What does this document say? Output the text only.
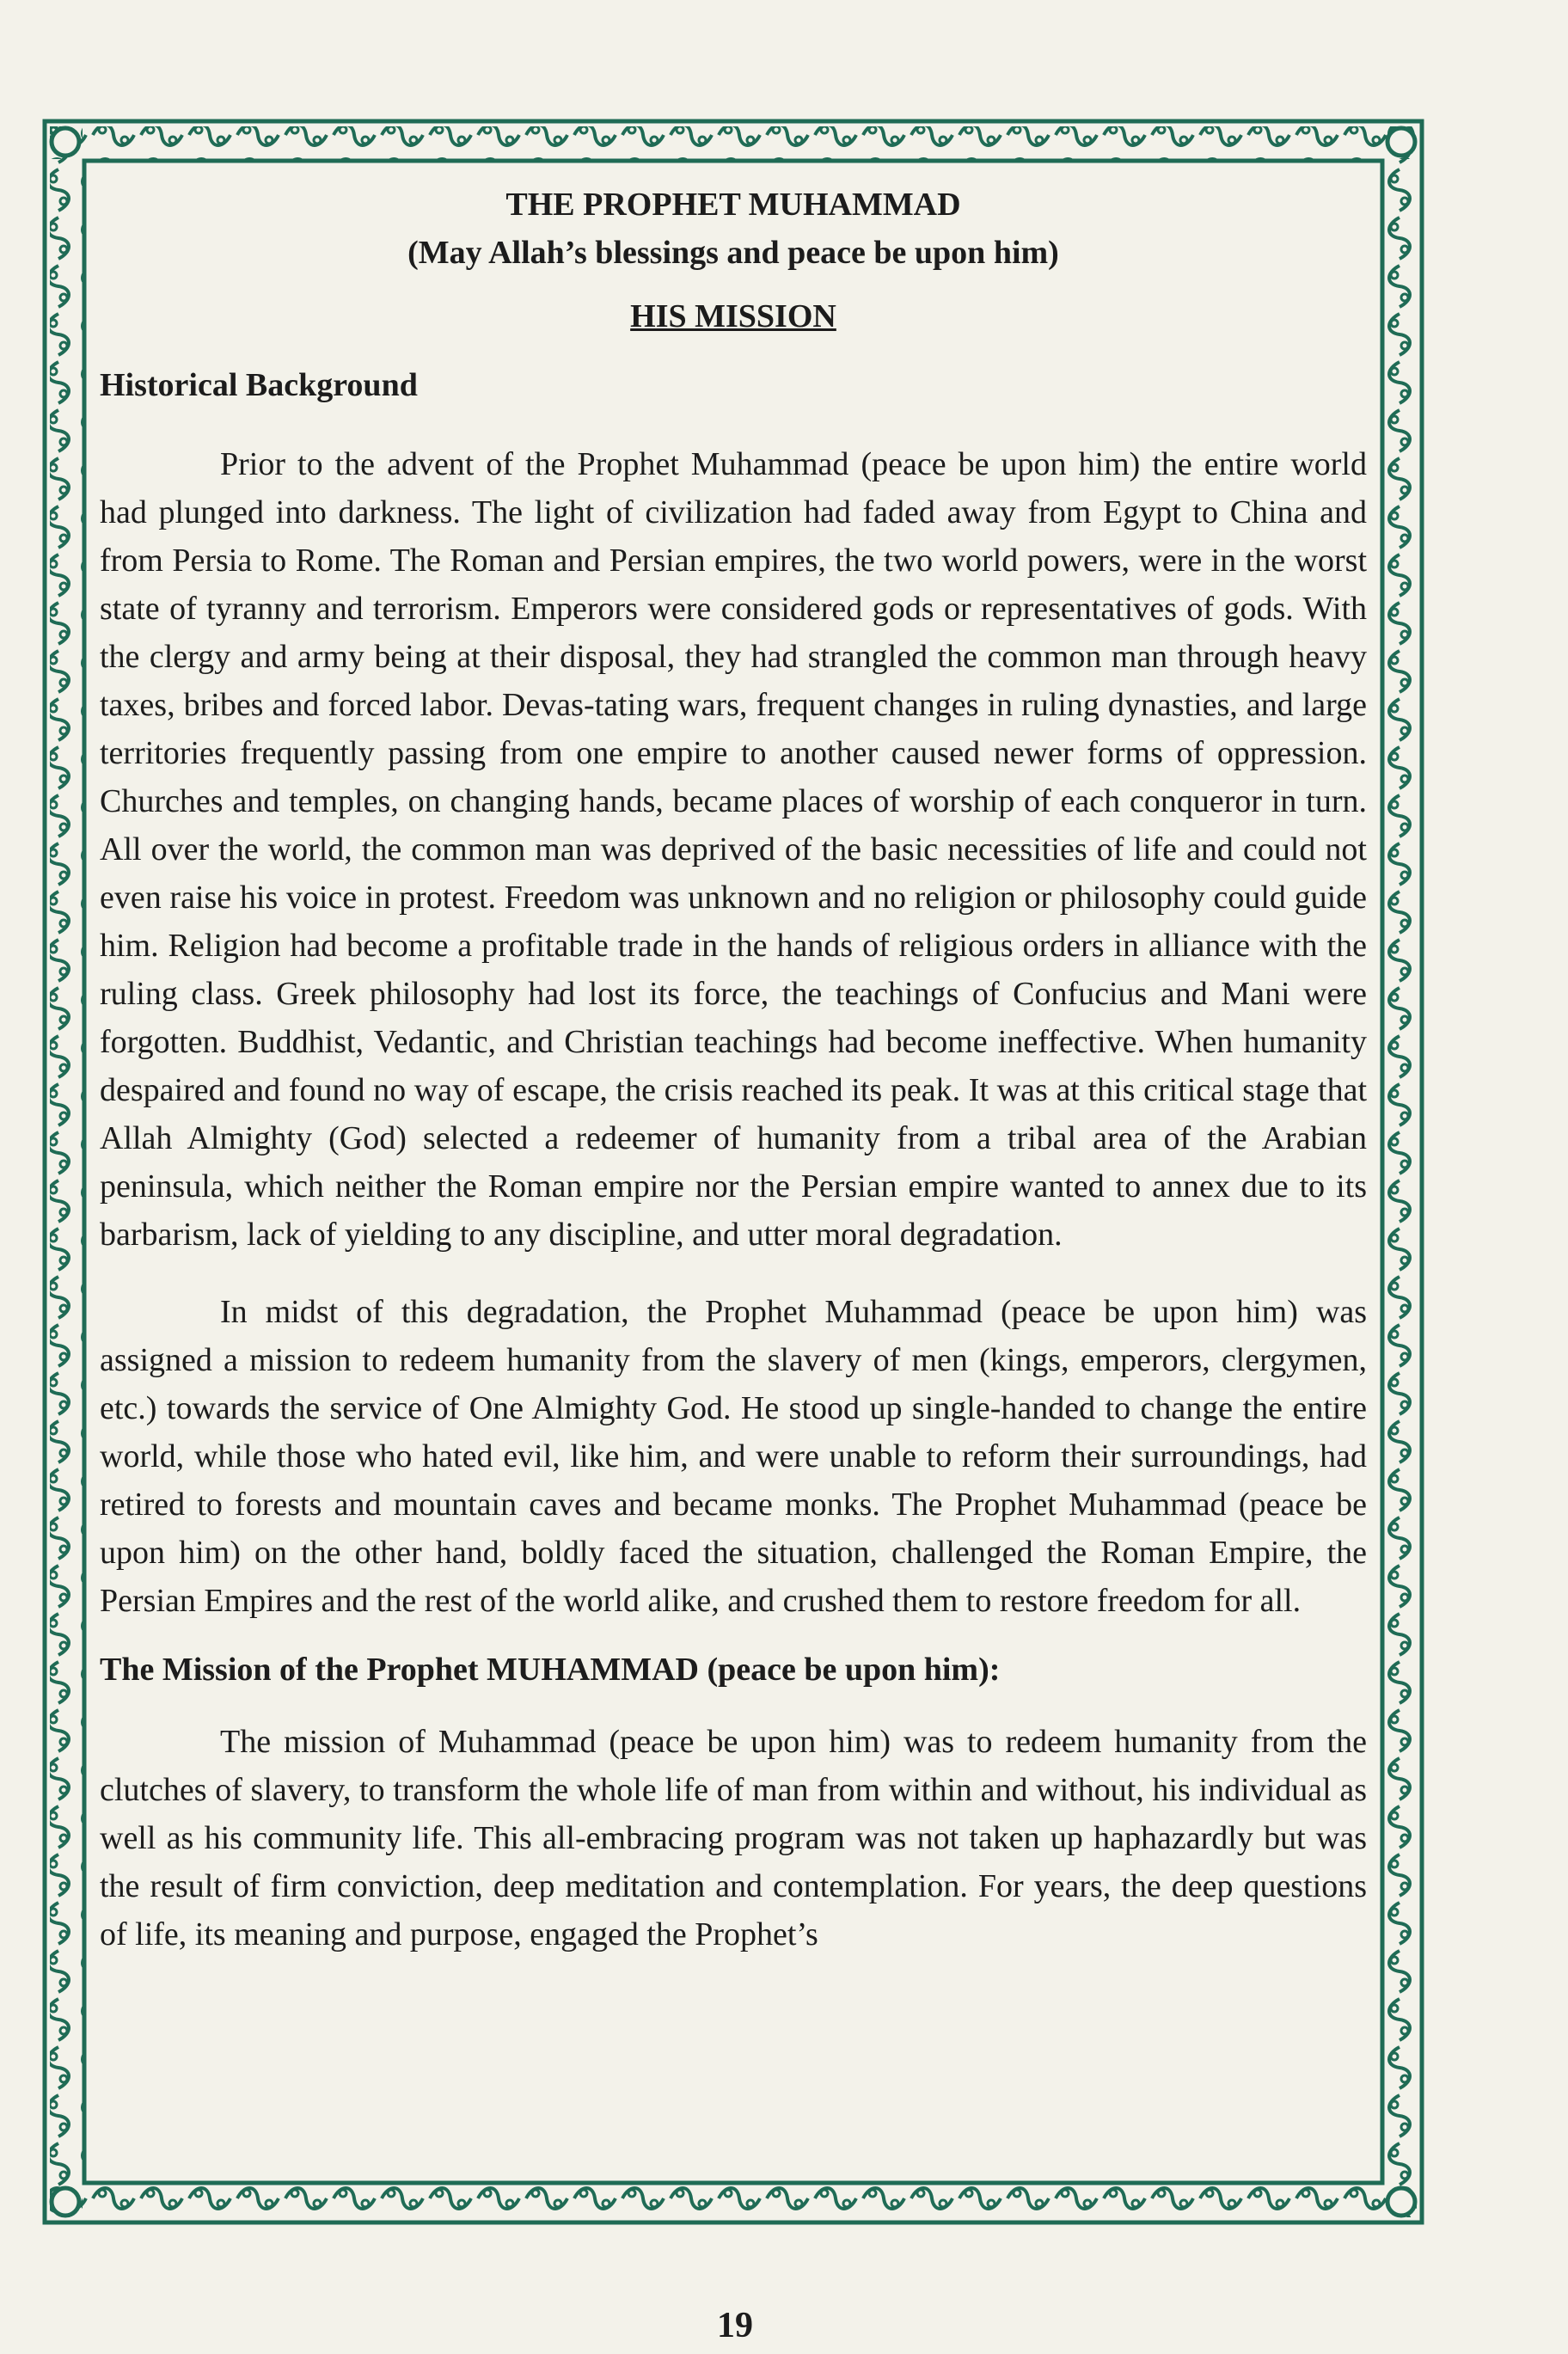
THE PROPHET MUHAMMAD
(May Allah’s blessings and peace be upon him)
HIS MISSION
Historical Background

Prior to the advent of the Prophet Muhammad (peace be upon him) the entire world had plunged into darkness. The light of civilization had faded away from Egypt to China and from Persia to Rome. The Roman and Persian empires, the two world powers, were in the worst state of tyranny and terrorism. Emperors were considered gods or representatives of gods. With the clergy and army being at their disposal, they had strangled the common man through heavy taxes, bribes and forced labor. Devas-tating wars, frequent changes in ruling dynasties, and large territories frequently passing from one empire to another caused newer forms of oppression. Churches and temples, on changing hands, became places of worship of each conqueror in turn. All over the world, the common man was deprived of the basic necessities of life and could not even raise his voice in protest. Freedom was unknown and no religion or philosophy could guide him. Religion had become a profitable trade in the hands of religious orders in alliance with the ruling class. Greek philosophy had lost its force, the teachings of Confucius and Mani were forgotten. Buddhist, Vedantic, and Christian teachings had become ineffective. When humanity despaired and found no way of escape, the crisis reached its peak. It was at this critical stage that Allah Almighty (God) selected a redeemer of humanity from a tribal area of the Arabian peninsula, which neither the Roman empire nor the Persian empire wanted to annex due to its barbarism, lack of yielding to any discipline, and utter moral degradation.

In midst of this degradation, the Prophet Muhammad (peace be upon him) was assigned a mission to redeem humanity from the slavery of men (kings, emperors, clergymen, etc.) towards the service of One Almighty God. He stood up single-handed to change the entire world, while those who hated evil, like him, and were unable to reform their surroundings, had retired to forests and mountain caves and became monks. The Prophet Muhammad (peace be upon him) on the other hand, boldly faced the situation, challenged the Roman Empire, the Persian Empires and the rest of the world alike, and crushed them to restore freedom for all.

The Mission of the Prophet MUHAMMAD (peace be upon him):

The mission of Muhammad (peace be upon him) was to redeem humanity from the clutches of slavery, to transform the whole life of man from within and without, his individual as well as his community life. This all-embracing program was not taken up haphazardly but was the result of firm conviction, deep meditation and contemplation. For years, the deep questions of life, its meaning and purpose, engaged the Prophet’s

19
